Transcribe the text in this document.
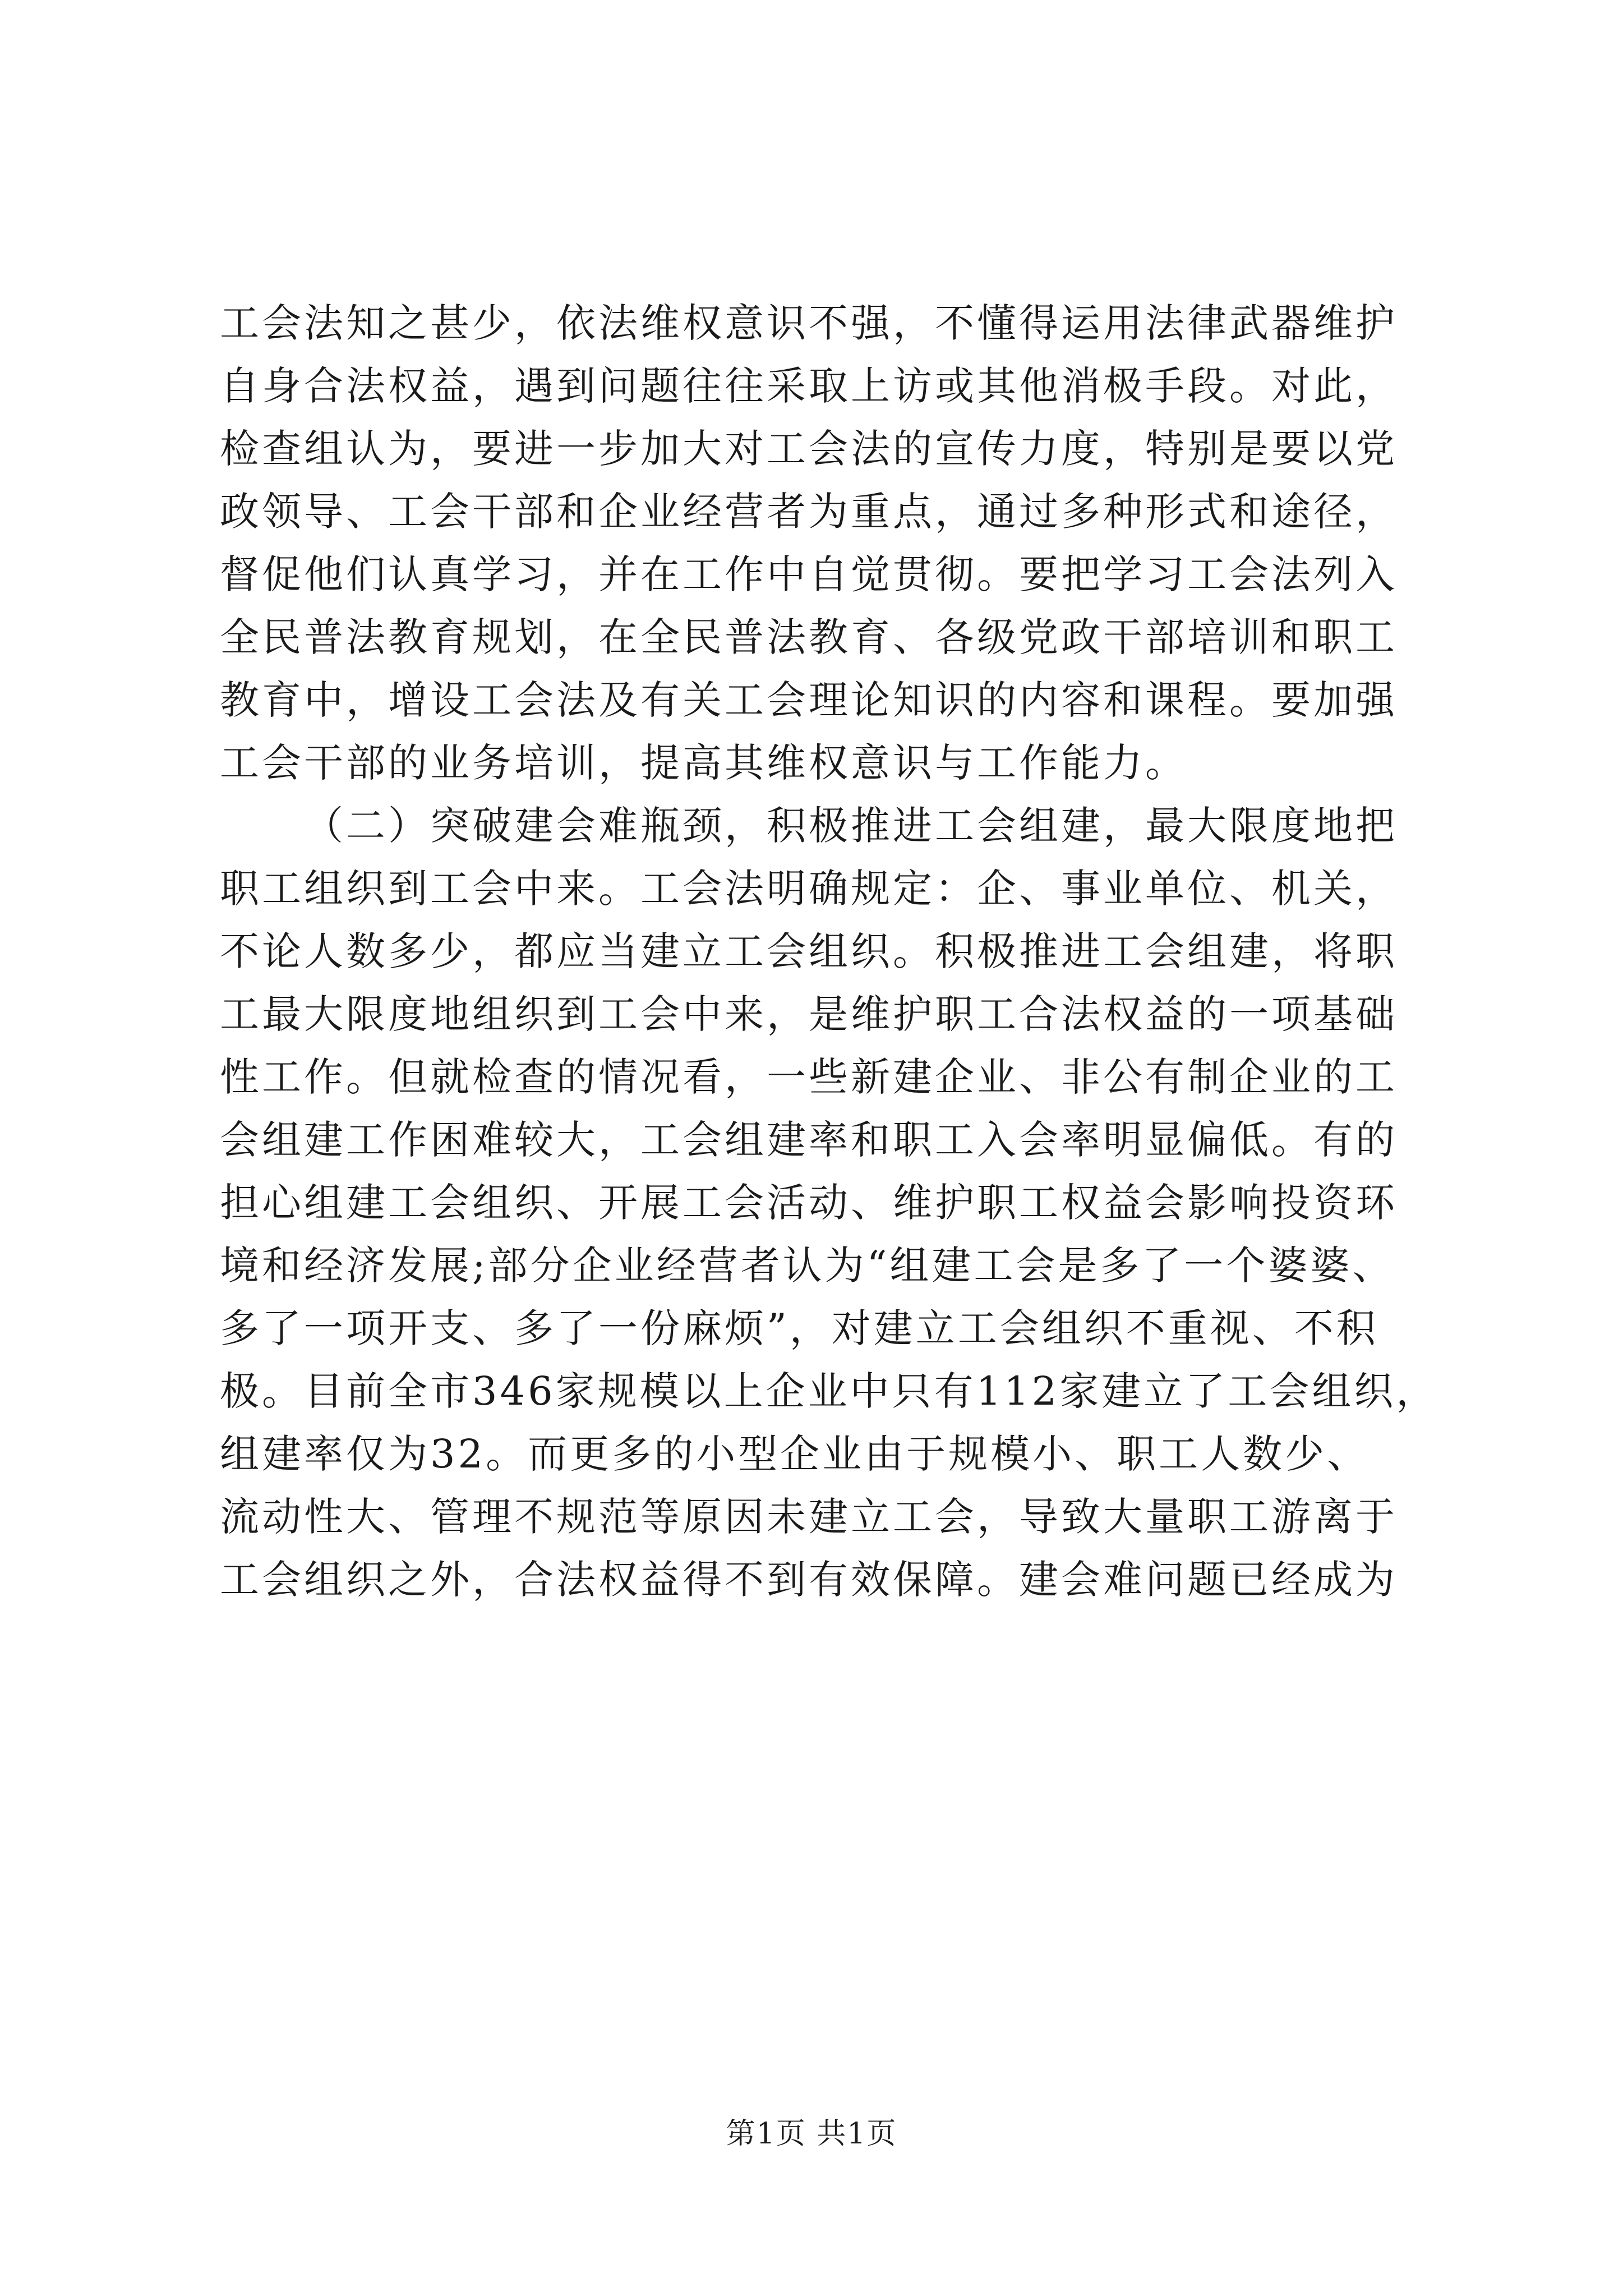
工会法知之甚少，依法维权意识不强，不懂得运用法律武器维护
自身合法权益，遇到问题往往采取上访或其他消极手段。对此，
检查组认为，要进一步加大对工会法的宣传力度，特别是要以党
政领导、工会干部和企业经营者为重点，通过多种形式和途径，
督促他们认真学习，并在工作中自觉贯彻。要把学习工会法列入
全民普法教育规划，在全民普法教育、各级党政干部培训和职工
教育中，增设工会法及有关工会理论知识的内容和课程。要加强
工会干部的业务培训，提高其维权意识与工作能力。
（二）突破建会难瓶颈，积极推进工会组建，最大限度地把
职工组织到工会中来。工会法明确规定：企、事业单位、机关，
不论人数多少，都应当建立工会组织。积极推进工会组建，将职
工最大限度地组织到工会中来，是维护职工合法权益的一项基础
性工作。但就检查的情况看，一些新建企业、非公有制企业的工
会组建工作困难较大，工会组建率和职工入会率明显偏低。有的
担心组建工会组织、开展工会活动、维护职工权益会影响投资环
境和经济发展;部分企业经营者认为“组建工会是多了一个婆婆、
多了一项开支、多了一份麻烦”，对建立工会组织不重视、不积
极。目前全市346家规模以上企业中只有112家建立了工会组织，
组建率仅为32。而更多的小型企业由于规模小、职工人数少、
流动性大、管理不规范等原因未建立工会，导致大量职工游离于
工会组织之外，合法权益得不到有效保障。建会难问题已经成为
第1页 共1页
